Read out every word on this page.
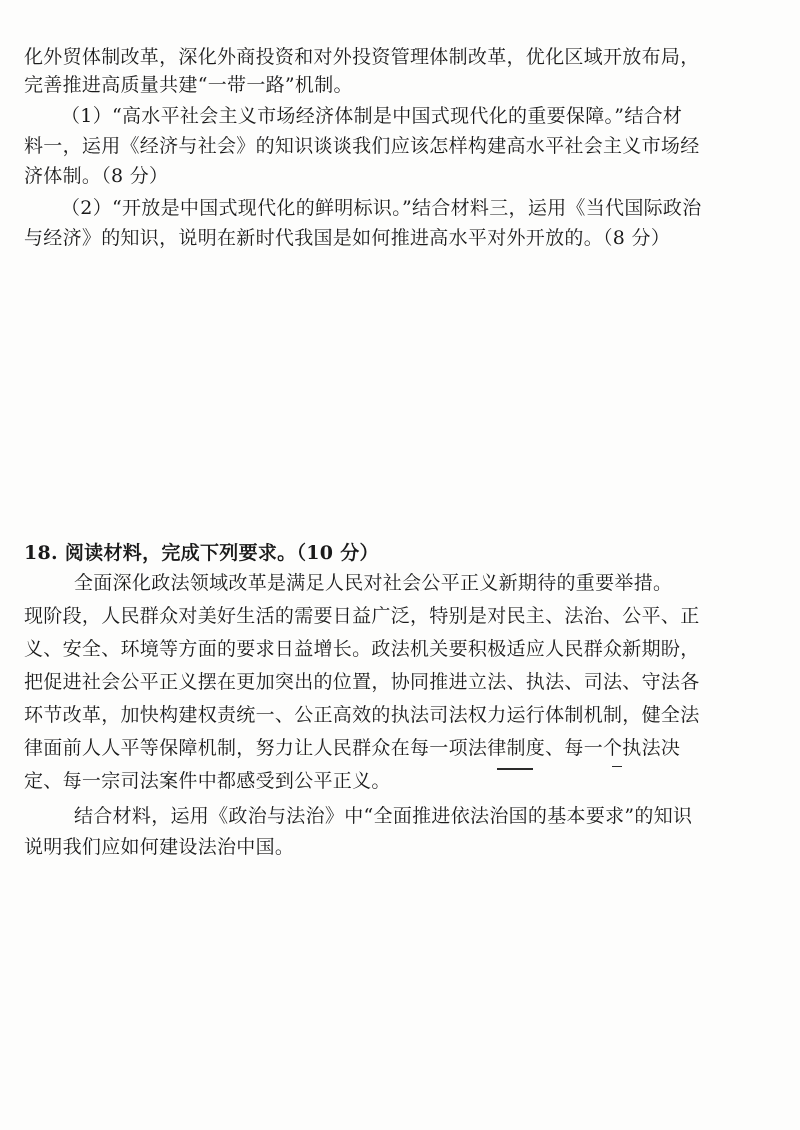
化外贸体制改革，深化外商投资和对外投资管理体制改革，优化区域开放布局，
完善推进高质量共建“一带一路”机制。
（1）“高水平社会主义市场经济体制是中国式现代化的重要保障。”结合材
料一，运用《经济与社会》的知识谈谈我们应该怎样构建高水平社会主义市场经
济体制。（8 分）
（2）“开放是中国式现代化的鲜明标识。”结合材料三，运用《当代国际政治
与经济》的知识，说明在新时代我国是如何推进高水平对外开放的。（8 分）
18. 阅读材料，完成下列要求。（10 分）
全面深化政法领域改革是满足人民对社会公平正义新期待的重要举措。
现阶段，人民群众对美好生活的需要日益广泛，特别是对民主、法治、公平、正
义、安全、环境等方面的要求日益增长。政法机关要积极适应人民群众新期盼，
把促进社会公平正义摆在更加突出的位置，协同推进立法、执法、司法、守法各
环节改革，加快构建权责统一、公正高效的执法司法权力运行体制机制，健全法
律面前人人平等保障机制，努力让人民群众在每一项法律制度、每一个执法决
定、每一宗司法案件中都感受到公平正义。
结合材料，运用《政治与法治》中“全面推进依法治国的基本要求”的知识
说明我们应如何建设法治中国。
